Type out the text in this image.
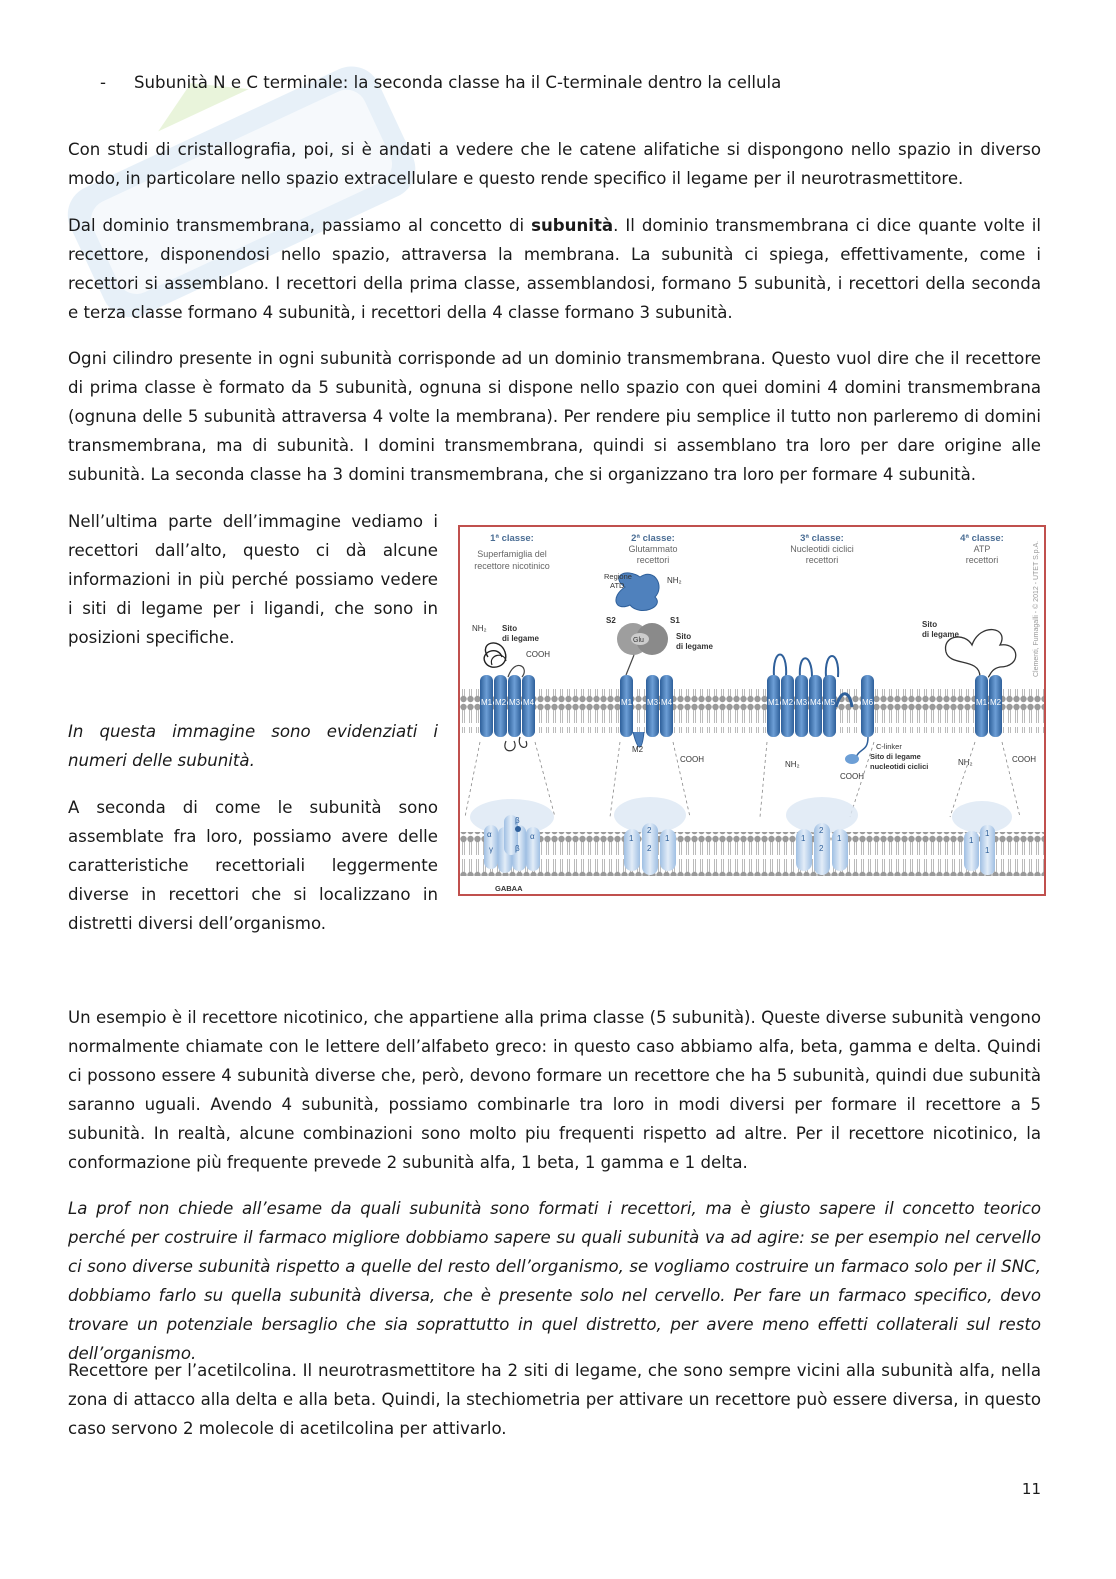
- Subunità N e C terminale: la seconda classe ha il C-terminale dentro la cellula

Con studi di cristallografia, poi, si è andati a vedere che le catene alifatiche si dispongono nello spazio in diverso modo, in particolare nello spazio extracellulare e questo rende specifico il legame per il neurotrasmettitore.

Dal dominio transmembrana, passiamo al concetto di subunità. Il dominio transmembrana ci dice quante volte il recettore, disponendosi nello spazio, attraversa la membrana. La subunità ci spiega, effettivamente, come i recettori si assemblano. I recettori della prima classe, assemblandosi, formano 5 subunità, i recettori della seconda e terza classe formano 4 subunità, i recettori della 4 classe formano 3 subunità.

Ogni cilindro presente in ogni subunità corrisponde ad un dominio transmembrana. Questo vuol dire che il recettore di prima classe è formato da 5 subunità, ognuna si dispone nello spazio con quei domini 4 domini transmembrana (ognuna delle 5 subunità attraversa 4 volte la membrana). Per rendere piu semplice il tutto non parleremo di domini transmembrana, ma di subunità. I domini transmembrana, quindi si assemblano tra loro per dare origine alle subunità. La seconda classe ha 3 domini transmembrana, che si organizzano tra loro per formare 4 subunità.

Nell’ultima parte dell’immagine vediamo i recettori dall’alto, questo ci dà alcune informazioni in più perché possiamo vedere i siti di legame per i ligandi, che sono in posizioni specifiche.

In questa immagine sono evidenziati i numeri delle subunità.

A seconda di come le subunità sono assemblate fra loro, possiamo avere delle caratteristiche recettoriali leggermente diverse in recettori che si localizzano in distretti diversi dell’organismo.

Un esempio è il recettore nicotinico, che appartiene alla prima classe (5 subunità). Queste diverse subunità vengono normalmente chiamate con le lettere dell’alfabeto greco: in questo caso abbiamo alfa, beta, gamma e delta. Quindi ci possono essere 4 subunità diverse che, però, devono formare un recettore che ha 5 subunità, quindi due subunità saranno uguali. Avendo 4 subunità, possiamo combinarle tra loro in modi diversi per formare il recettore a 5 subunità. In realtà, alcune combinazioni sono molto piu frequenti rispetto ad altre. Per il recettore nicotinico, la conformazione più frequente prevede 2 subunità alfa, 1 beta, 1 gamma e 1 delta.

La prof non chiede all’esame da quali subunità sono formati i recettori, ma è giusto sapere il concetto teorico perché per costruire il farmaco migliore dobbiamo sapere su quali subunità va ad agire: se per esempio nel cervello ci sono diverse subunità rispetto a quelle del resto dell’organismo, se vogliamo costruire un farmaco solo per il SNC, dobbiamo farlo su quella subunità diversa, che è presente solo nel cervello. Per fare un farmaco specifico, devo trovare un potenziale bersaglio che sia soprattutto in quel distretto, per avere meno effetti collaterali sul resto dell’organismo.

Recettore per l’acetilcolina. Il neurotrasmettitore ha 2 siti di legame, che sono sempre vicini alla subunità alfa, nella zona di attacco alla delta e alla beta. Quindi, la stechiometria per attivare un recettore può essere diversa, in questo caso servono 2 molecole di acetilcolina per attivarlo.

11
1ª classe:
Superfamiglia del
recettore nicotinico
2ª classe:
Glutammato
recettori
3ª classe:
Nucleotidi ciclici
recettori
4ª classe:
ATP
recettori	Clementi, Fumagalli - © 2012 - UTET S.p.A.
M1 M2 M3 M4
NH₂ Sito
di legame
COOH
Glu
Regione
ATD
NH₂
S2	S1
Sito
di legame
M1 M3 M4
M2
COOH
M1 M2 M3 M4 M5	M6
C-linker
Sito di legame
nucleotidi ciclici
NH₂
COOH
M1 M2
Sito
di legame
NH₂	COOH
α
β
α
γ	β
GABAA
1
2
1
2
1
2
1
2
1
1
1
